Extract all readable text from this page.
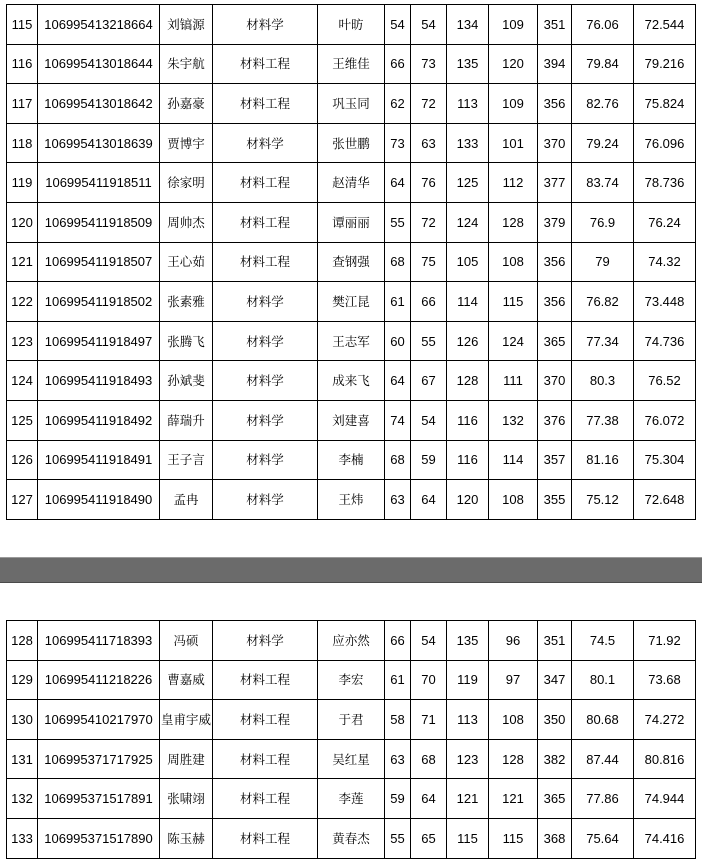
115	106995413218664	刘镐源	材料学	叶昉	54	54	134	109	351	76.06	72.544
116	106995413018644	朱宇航	材料工程	王维佳	66	73	135	120	394	79.84	79.216
117	106995413018642	孙嘉豪	材料工程	巩玉同	62	72	113	109	356	82.76	75.824
118	106995413018639	贾博宇	材料学	张世鹏	73	63	133	101	370	79.24	76.096
119	106995411918511	徐家明	材料工程	赵清华	64	76	125	112	377	83.74	78.736
120	106995411918509	周帅杰	材料工程	谭丽丽	55	72	124	128	379	76.9	76.24
121	106995411918507	王心茹	材料工程	查钢强	68	75	105	108	356	79	74.32
122	106995411918502	张素雅	材料学	樊江昆	61	66	114	115	356	76.82	73.448
123	106995411918497	张腾飞	材料学	王志军	60	55	126	124	365	77.34	74.736
124	106995411918493	孙斌斐	材料学	成来飞	64	67	128	111	370	80.3	76.52
125	106995411918492	薛瑞升	材料学	刘建喜	74	54	116	132	376	77.38	76.072
126	106995411918491	王子言	材料学	李楠	68	59	116	114	357	81.16	75.304
127	106995411918490	孟冉	材料学	王炜	63	64	120	108	355	75.12	72.648
128	106995411718393	冯硕	材料学	应亦然	66	54	135	96	351	74.5	71.92
129	106995411218226	曹嘉威	材料工程	李宏	61	70	119	97	347	80.1	73.68
130	106995410217970	皇甫宇威	材料工程	于君	58	71	113	108	350	80.68	74.272
131	106995371717925	周胜建	材料工程	吴红星	63	68	123	128	382	87.44	80.816
132	106995371517891	张啸翊	材料工程	李莲	59	64	121	121	365	77.86	74.944
133	106995371517890	陈玉赫	材料工程	黄春杰	55	65	115	115	368	75.64	74.416
